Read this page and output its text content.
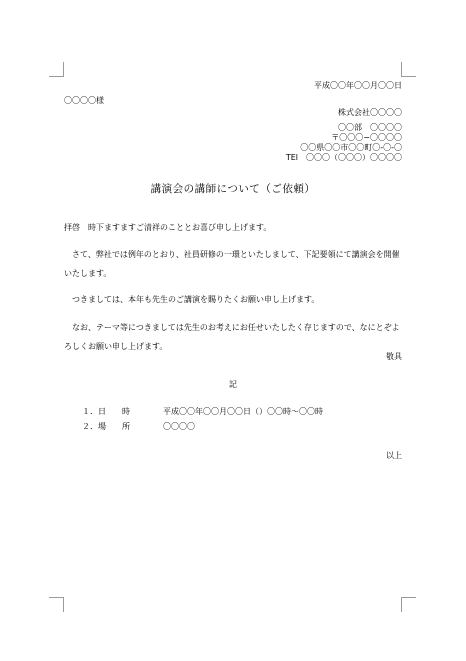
平成〇〇年〇〇月〇〇日
〇〇〇〇様
株式会社〇〇〇〇
〇〇部　〇〇〇〇
〒〇〇〇−〇〇〇〇
〇〇県〇〇市〇〇町〇-〇-〇
TEl　〇〇〇（〇〇〇）〇〇〇〇
講演会の講師について（ご依頼）
拝啓　時下ますますご清祥のこととお喜び申し上げます。
　さて、弊社では例年のとおり、社員研修の一環といたしまして、下記要領にて講演会を開催いたします。
　つきましては、本年も先生のご講演を賜りたくお願い申し上げます。
　なお、テーマ等につきましては先生のお考えにお任せいたしたく存じますので、なにとぞよろしくお願い申し上げます。
敬具
記
１．日　　時	平成〇〇年〇〇月〇〇日（）〇〇時〜〇〇時
２．場　　所	〇〇〇〇
以上
